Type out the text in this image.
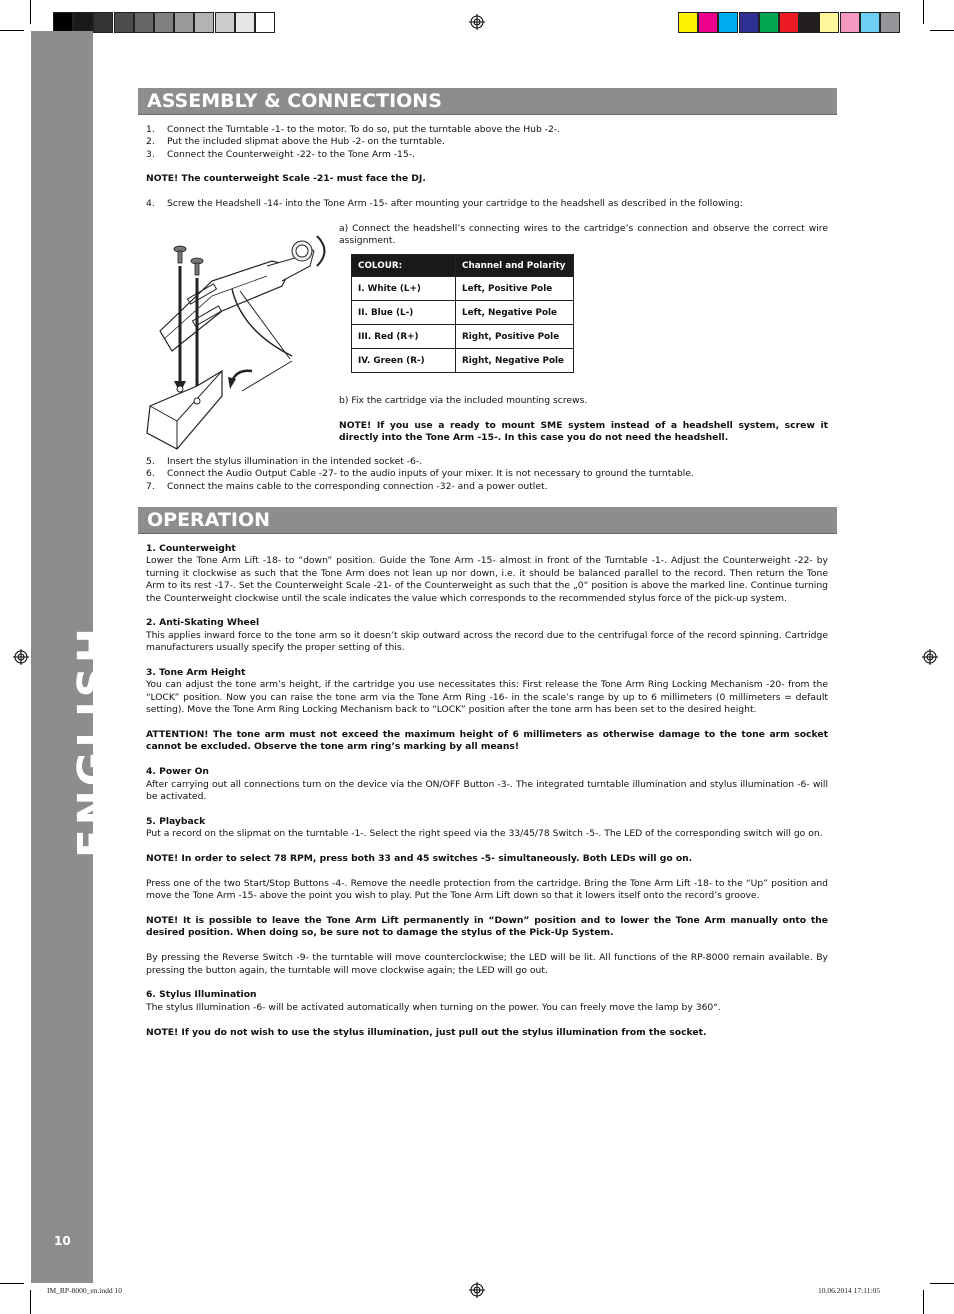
ENGLISH
10
ASSEMBLY & CONNECTIONS
1.	Connect the Turntable -1- to the motor. To do so, put the turntable above the Hub -2-.
2.	Put the included slipmat above the Hub -2- on the turntable.
3.	Connect the Counterweight -22- to the Tone Arm -15-.
NOTE! The counterweight Scale -21- must face the DJ.
4.	Screw the Headshell -14- into the Tone Arm -15- after mounting your cartridge to the headshell as described in the following:
a) Connect the headshell’s connecting wires to the cartridge’s connection and observe the correct wire assignment.
COLOUR:	Channel and Polarity
I. White (L+)	Left, Positive Pole
II. Blue (L-)	Left, Negative Pole
III. Red (R+)	Right, Positive Pole
IV. Green (R-)	Right, Negative Pole
b) Fix the cartridge via the included mounting screws.
NOTE! If you use a ready to mount SME system instead of a headshell system, screw it directly into the Tone Arm -15-. In this case you do not need the headshell.
5.	Insert the stylus illumination in the intended socket -6-.
6.	Connect the Audio Output Cable -27- to the audio inputs of your mixer. It is not necessary to ground the turntable.
7.	Connect the mains cable to the corresponding connection -32- and a power outlet.
OPERATION
1. Counterweight
Lower the Tone Arm Lift -18- to “down” position. Guide the Tone Arm -15- almost in front of the Turntable -1-. Adjust the Counterweight -22- by turning it clockwise as such that the Tone Arm does not lean up nor down, i.e. it should be balanced parallel to the record. Then return the Tone Arm to its rest -17-. Set the Counterweight Scale -21- of the Counterweight as such that the „0“ position is above the marked line. Continue turning the Counterweight clockwise until the scale indicates the value which corresponds to the recommended stylus force of the pick-up system.
2. Anti-Skating Wheel
This applies inward force to the tone arm so it doesn’t skip outward across the record due to the centrifugal force of the record spinning. Cartridge manufacturers usually specify the proper setting of this.
3. Tone Arm Height
You can adjust the tone arm’s height, if the cartridge you use necessitates this: First release the Tone Arm Ring Locking Mechanism -20- from the “LOCK” position. Now you can raise the tone arm via the Tone Arm Ring -16- in the scale’s range by up to 6 millimeters (0 millimeters = default setting). Move the Tone Arm Ring Locking Mechanism back to “LOCK” position after the tone arm has been set to the desired height.
ATTENTION! The tone arm must not exceed the maximum height of 6 millimeters as otherwise damage to the tone arm socket cannot be excluded. Observe the tone arm ring’s marking by all means!
4. Power On
After carrying out all connections turn on the device via the ON/OFF Button -3-. The integrated turntable illumination and stylus illumination -6- will be activated.
5. Playback
Put a record on the slipmat on the turntable -1-. Select the right speed via the 33/45/78 Switch -5-. The LED of the corresponding switch will go on.
NOTE! In order to select 78 RPM, press both 33 and 45 switches -5- simultaneously. Both LEDs will go on.
Press one of the two Start/Stop Buttons -4-. Remove the needle protection from the cartridge. Bring the Tone Arm Lift -18- to the “Up” position and move the Tone Arm -15- above the point you wish to play. Put the Tone Arm Lift down so that it lowers itself onto the record’s groove.
NOTE! It is possible to leave the Tone Arm Lift permanently in “Down” position and to lower the Tone Arm manually onto the desired position. When doing so, be sure not to damage the stylus of the Pick-Up System.
By pressing the Reverse Switch -9- the turntable will move counterclockwise; the LED will be lit. All functions of the RP-8000 remain available. By pressing the button again, the turntable will move clockwise again; the LED will go out.
6. Stylus Illumination
The stylus Illumination -6- will be activated automatically when turning on the power. You can freely move the lamp by 360°.
NOTE! If you do not wish to use the stylus illumination, just pull out the stylus illumination from the socket.
IM_RP-8000_en.indd 10	10.06.2014 17:11:05
